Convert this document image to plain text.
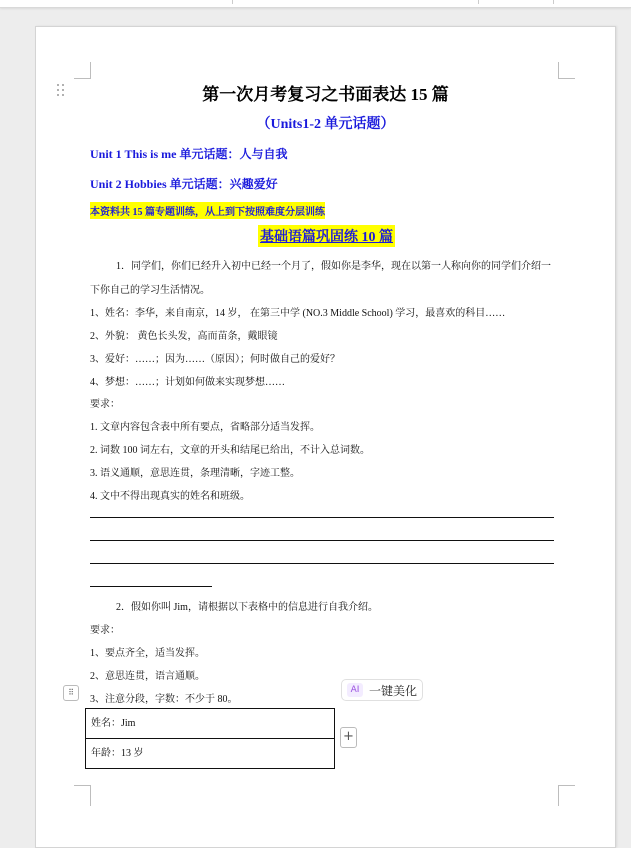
第一次月考复习之书面表达 15 篇
（Units1-2 单元话题）
Unit 1 This is me 单元话题：人与自我
Unit 2 Hobbies 单元话题：兴趣爱好
本资料共 15 篇专题训练，从上到下按照难度分层训练
基础语篇巩固练 10 篇
1．同学们，你们已经升入初中已经一个月了，假如你是李华，现在以第一人称向你的同学们介绍一
下你自己的学习生活情况。
1、姓名：李华，来自南京，14 岁， 在第三中学 (NO.3 Middle School) 学习，最喜欢的科目……
2、外貌： 黄色长头发，高而苗条，戴眼镜
3、爱好：……；因为……（原因）；何时做自己的爱好？
4、梦想：……；计划如何做来实现梦想……
要求：
1. 文章内容包含表中所有要点，省略部分适当发挥。
2. 词数 100 词左右，文章的开头和结尾已给出，不计入总词数。
3. 语义通顺，意思连贯，条理清晰，字迹工整。
4. 文中不得出现真实的姓名和班级。
2．假如你叫 Jim，请根据以下表格中的信息进行自我介绍。
要求：
1、要点齐全，适当发挥。
2、意思连贯，语言通顺。
3、注意分段，字数：不少于 80。
⠿
姓名：Jim
年龄：13 岁
AI 一键美化
+
